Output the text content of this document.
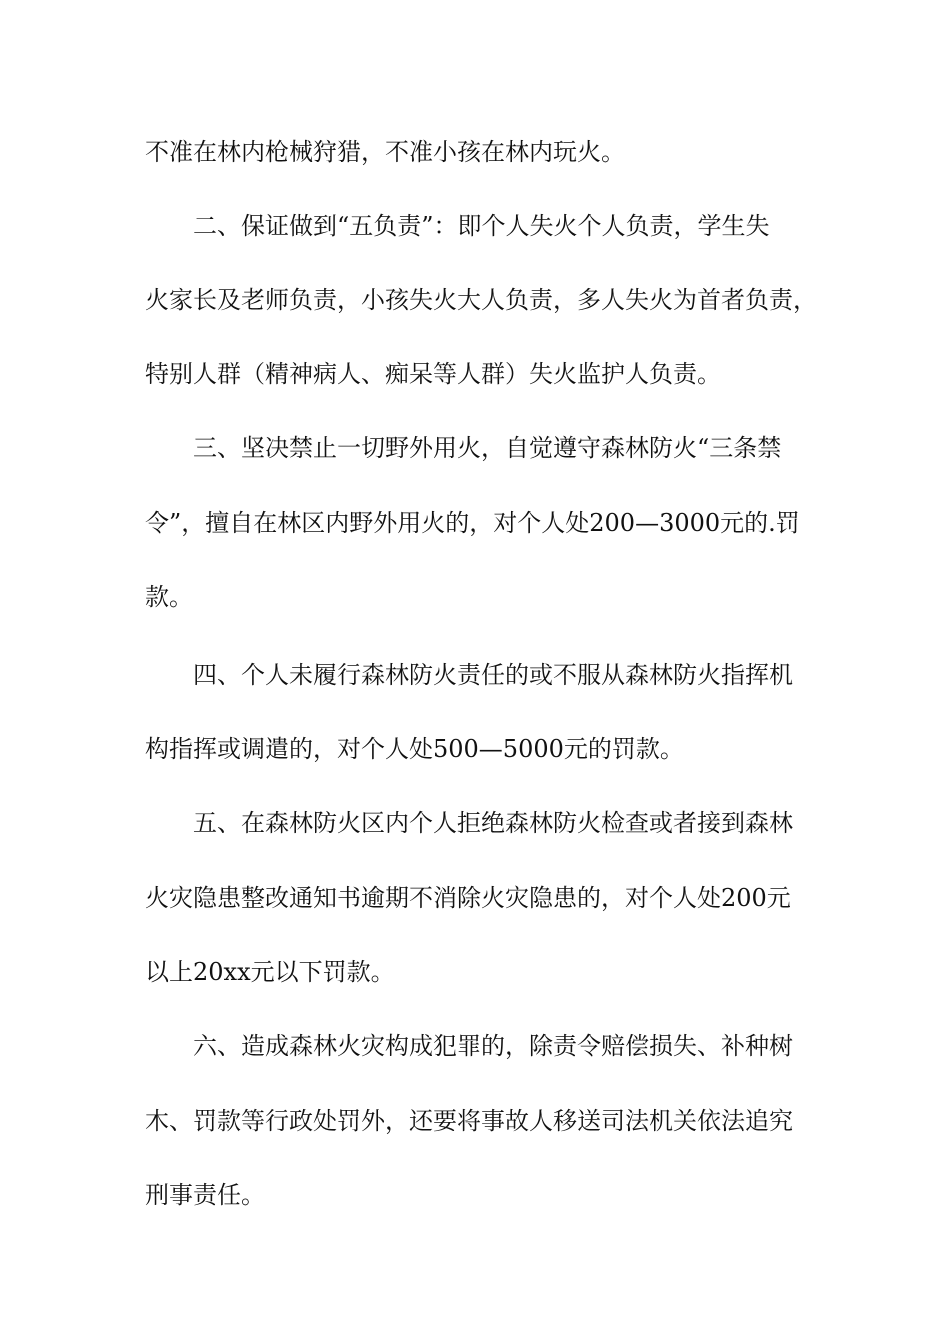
不准在林内枪械狩猎，不准小孩在林内玩火。

二、保证做到“五负责”：即个人失火个人负责，学生失

火家长及老师负责，小孩失火大人负责，多人失火为首者负责，

特别人群（精神病人、痴呆等人群）失火监护人负责。

三、坚决禁止一切野外用火，自觉遵守森林防火“三条禁

令”，擅自在林区内野外用火的，对个人处200—3000元的.罚

款。

四、个人未履行森林防火责任的或不服从森林防火指挥机

构指挥或调遣的，对个人处500—5000元的罚款。

五、在森林防火区内个人拒绝森林防火检查或者接到森林

火灾隐患整改通知书逾期不消除火灾隐患的，对个人处200元

以上20xx元以下罚款。

六、造成森林火灾构成犯罪的，除责令赔偿损失、补种树

木、罚款等行政处罚外，还要将事故人移送司法机关依法追究

刑事责任。
